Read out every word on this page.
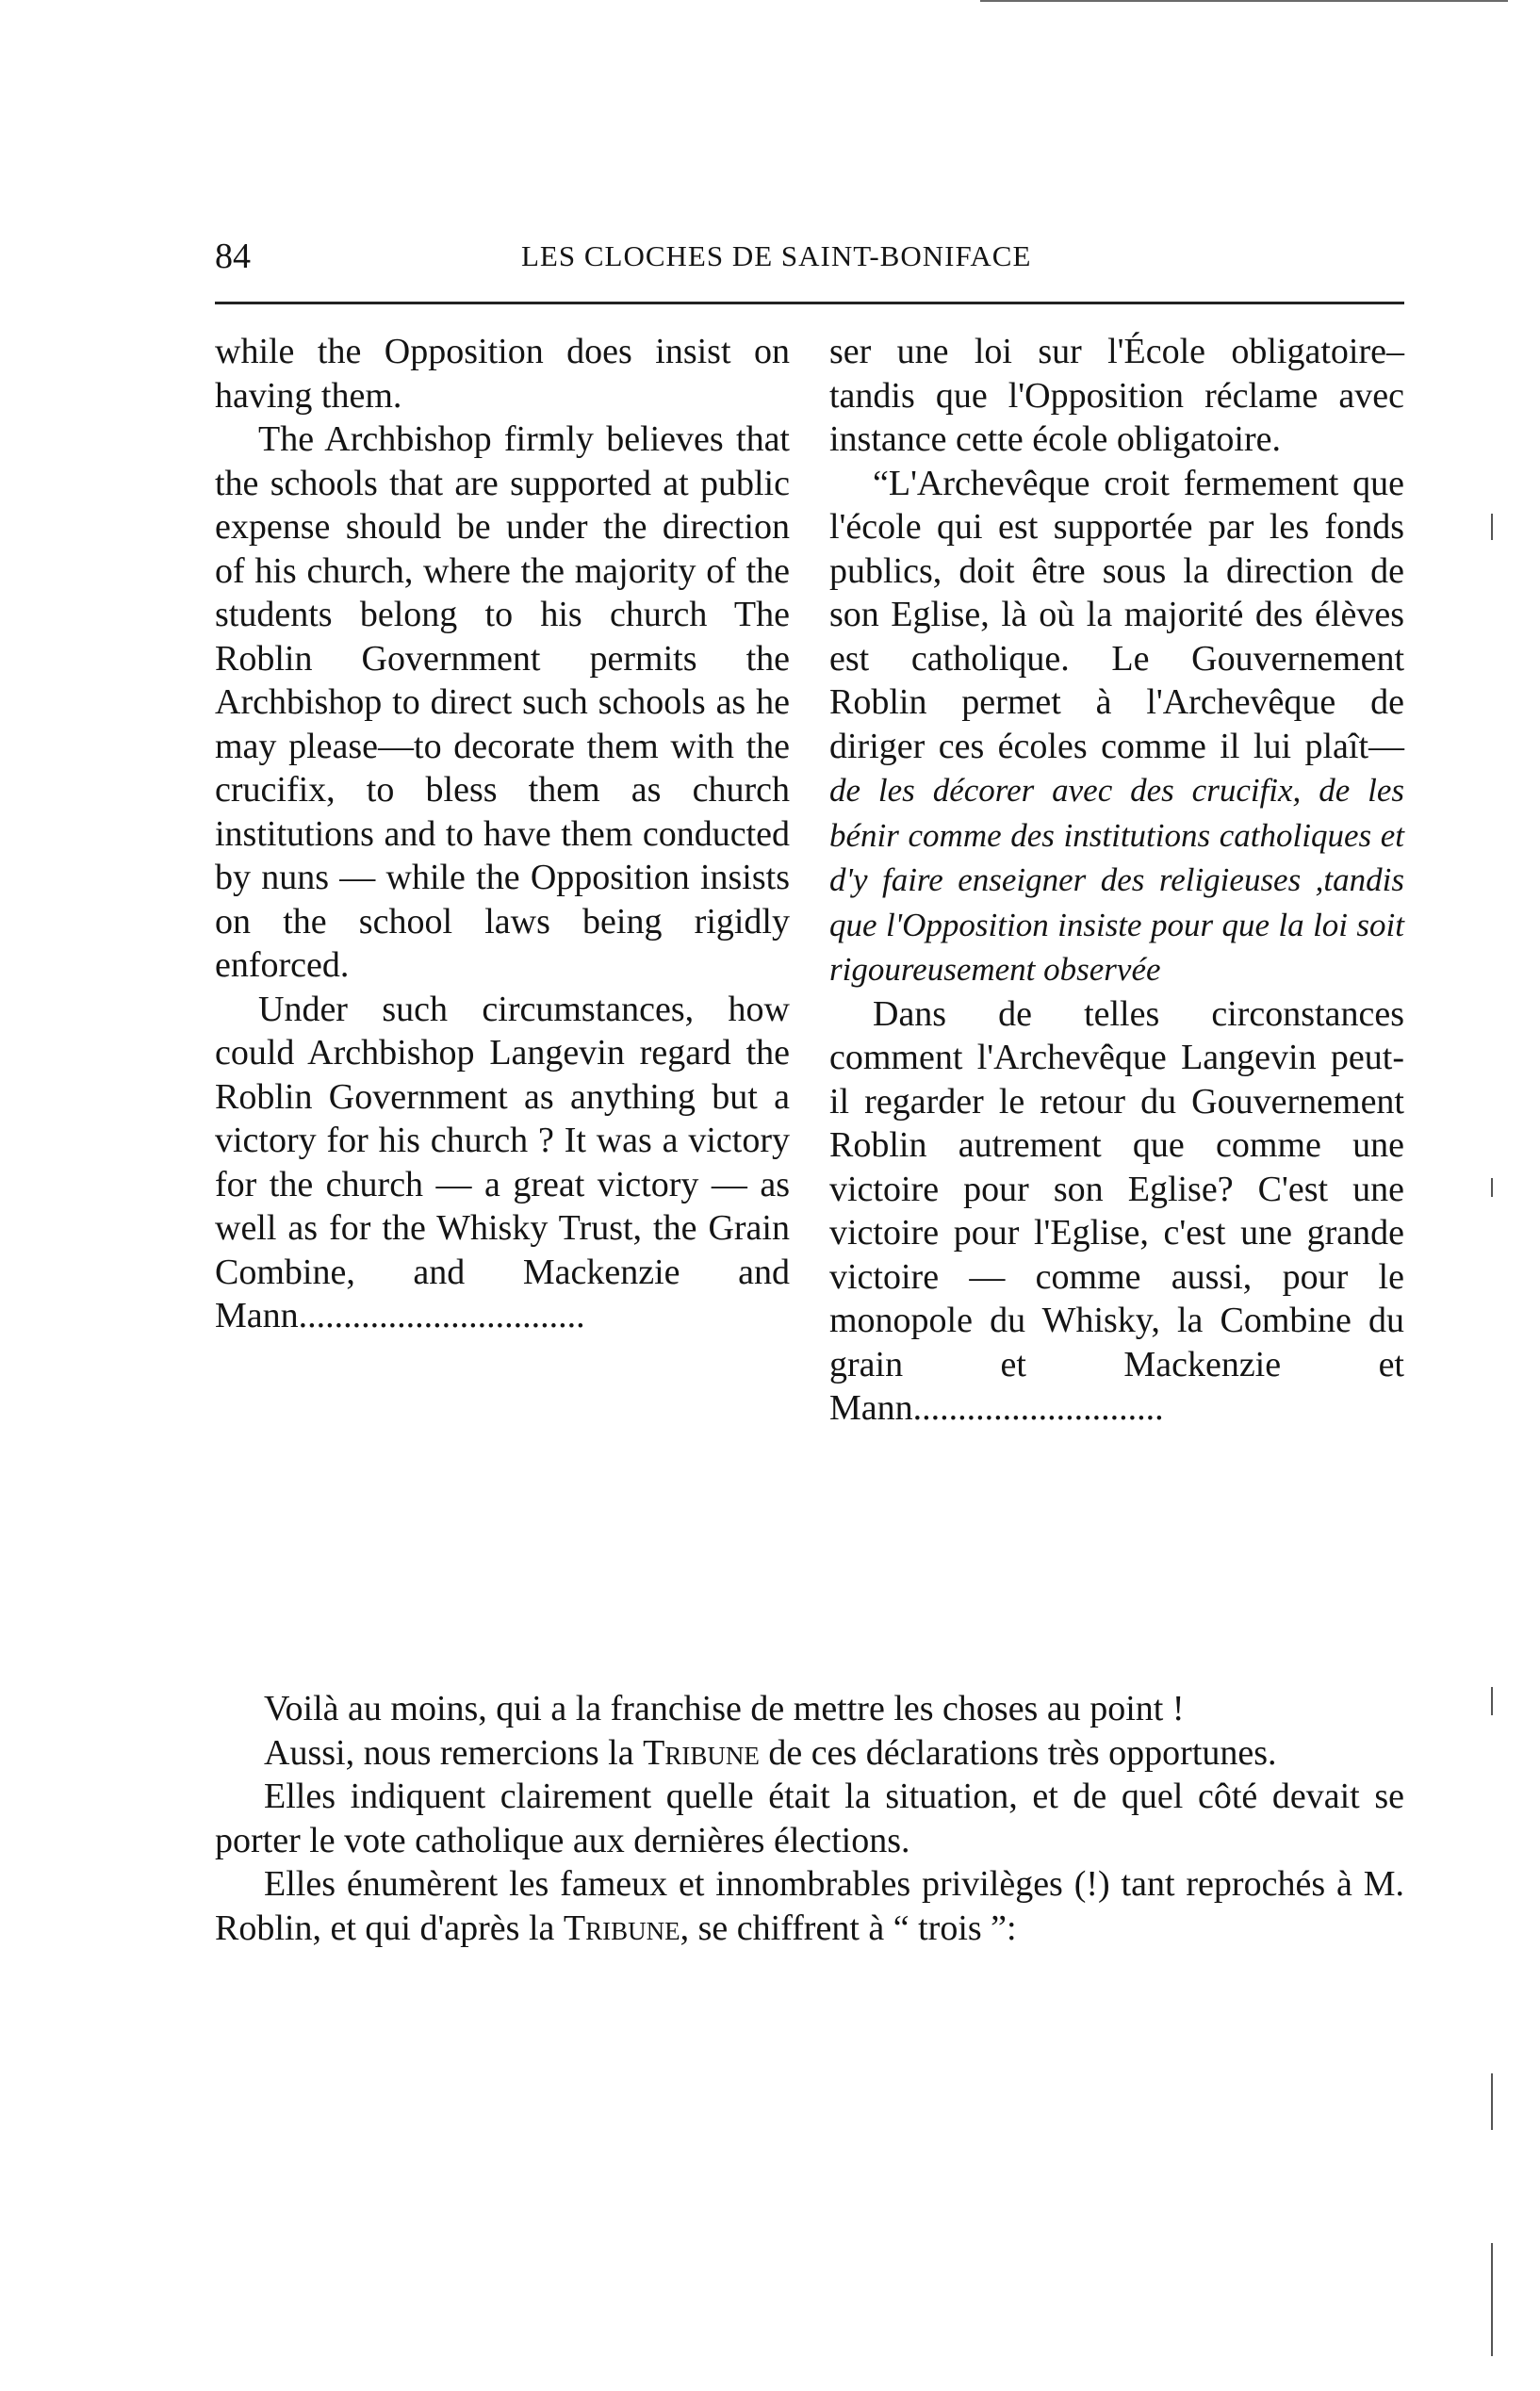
84	LES CLOCHES DE SAINT-BONIFACE

while the Opposition does insist on having them.

The Archbishop firmly believes that the schools that are supported at public expense should be under the direction of his church, where the majority of the students belong to his church The Roblin Government permits the Archbishop to direct such schools as he may please—to decorate them with the crucifix, to bless them as church institutions and to have them conducted by nuns — while the Opposition insists on the school laws being rigidly enforced.

Under such circumstances, how could Archbishop Langevin regard the Roblin Government as anything but a victory for his church ? It was a victory for the church — a great victory — as well as for the Whisky Trust, the Grain Combine, and Mackenzie and Mann................................

ser une loi sur l'École obligatoire– tandis que l'Opposition réclame avec instance cette école obligatoire.

“L'Archevêque croit fermement que l'école qui est supportée par les fonds publics, doit être sous la direction de son Eglise, là où la majorité des élèves est catholique. Le Gouvernement Roblin permet à l'Archevêque de diriger ces écoles comme il lui plaît—de les décorer avec des crucifix, de les bénir comme des institutions catholiques et d'y faire enseigner des religieuses ,tandis que l'Opposition insiste pour que la loi soit rigoureusement observée

Dans de telles circonstances comment l'Archevêque Langevin peut-il regarder le retour du Gouvernement Roblin autrement que comme une victoire pour son Eglise? C'est une victoire pour l'Eglise, c'est une grande victoire — comme aussi, pour le monopole du Whisky, la Combine du grain et Mackenzie et Mann............................

Voilà au moins, qui a la franchise de mettre les choses au point !

Aussi, nous remercions la Tribune de ces déclarations très opportunes.

Elles indiquent clairement quelle était la situation, et de quel côté devait se porter le vote catholique aux dernières élections.

Elles énumèrent les fameux et innombrables privilèges (!) tant reprochés à M. Roblin, et qui d'après la Tribune, se chiffrent à “ trois ”:
